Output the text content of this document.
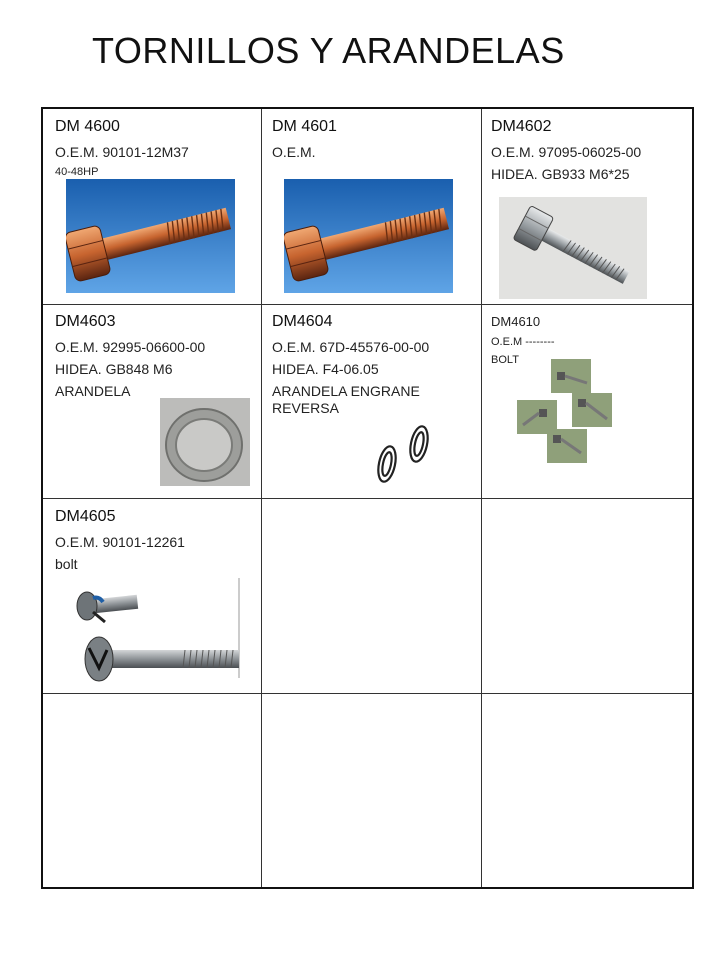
TORNILLOS Y ARANDELAS
DM 4600
O.E.M. 90101-12M37
40-48HP
DM 4601
O.E.M.
DM4602
O.E.M. 97095-06025-00
HIDEA. GB933 M6*25
DM4603
O.E.M. 92995-06600-00
HIDEA. GB848 M6
ARANDELA
DM4604
O.E.M. 67D-45576-00-00
HIDEA. F4-06.05
ARANDELA ENGRANE
REVERSA
DM4610
O.E.M --------
BOLT
DM4605
O.E.M. 90101-12261
bolt
